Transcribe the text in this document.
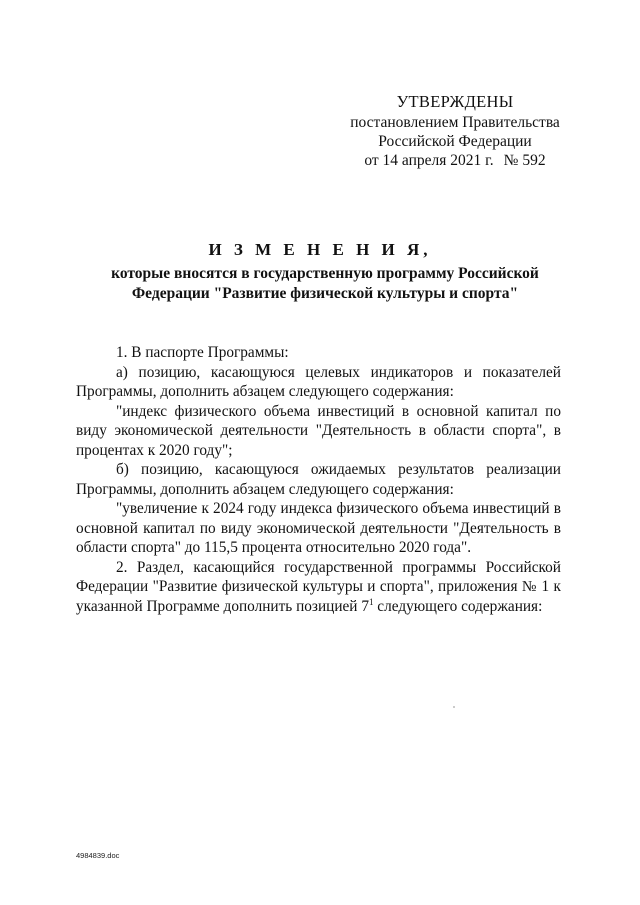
УТВЕРЖДЕНЫ
постановлением Правительства
Российской Федерации
от 14 апреля 2021 г. № 592
И З М Е Н Е Н И Я,
которые вносятся в государственную программу Российской
Федерации "Развитие физической культуры и спорта"

1. В паспорте Программы:

а) позицию, касающуюся целевых индикаторов и показателей Программы, дополнить абзацем следующего содержания:

"индекс физического объема инвестиций в основной капитал по виду экономической деятельности "Деятельность в области спорта", в процентах к 2020 году";

б) позицию, касающуюся ожидаемых результатов реализации Программы, дополнить абзацем следующего содержания:

"увеличение к 2024 году индекса физического объема инвестиций в основной капитал по виду экономической деятельности "Деятельность в области спорта" до 115,5 процента относительно 2020 года".

2. Раздел, касающийся государственной программы Российской Федерации "Развитие физической культуры и спорта", приложения № 1 к указанной Программе дополнить позицией $7^1$ следующего содержания:

4984839.doc
